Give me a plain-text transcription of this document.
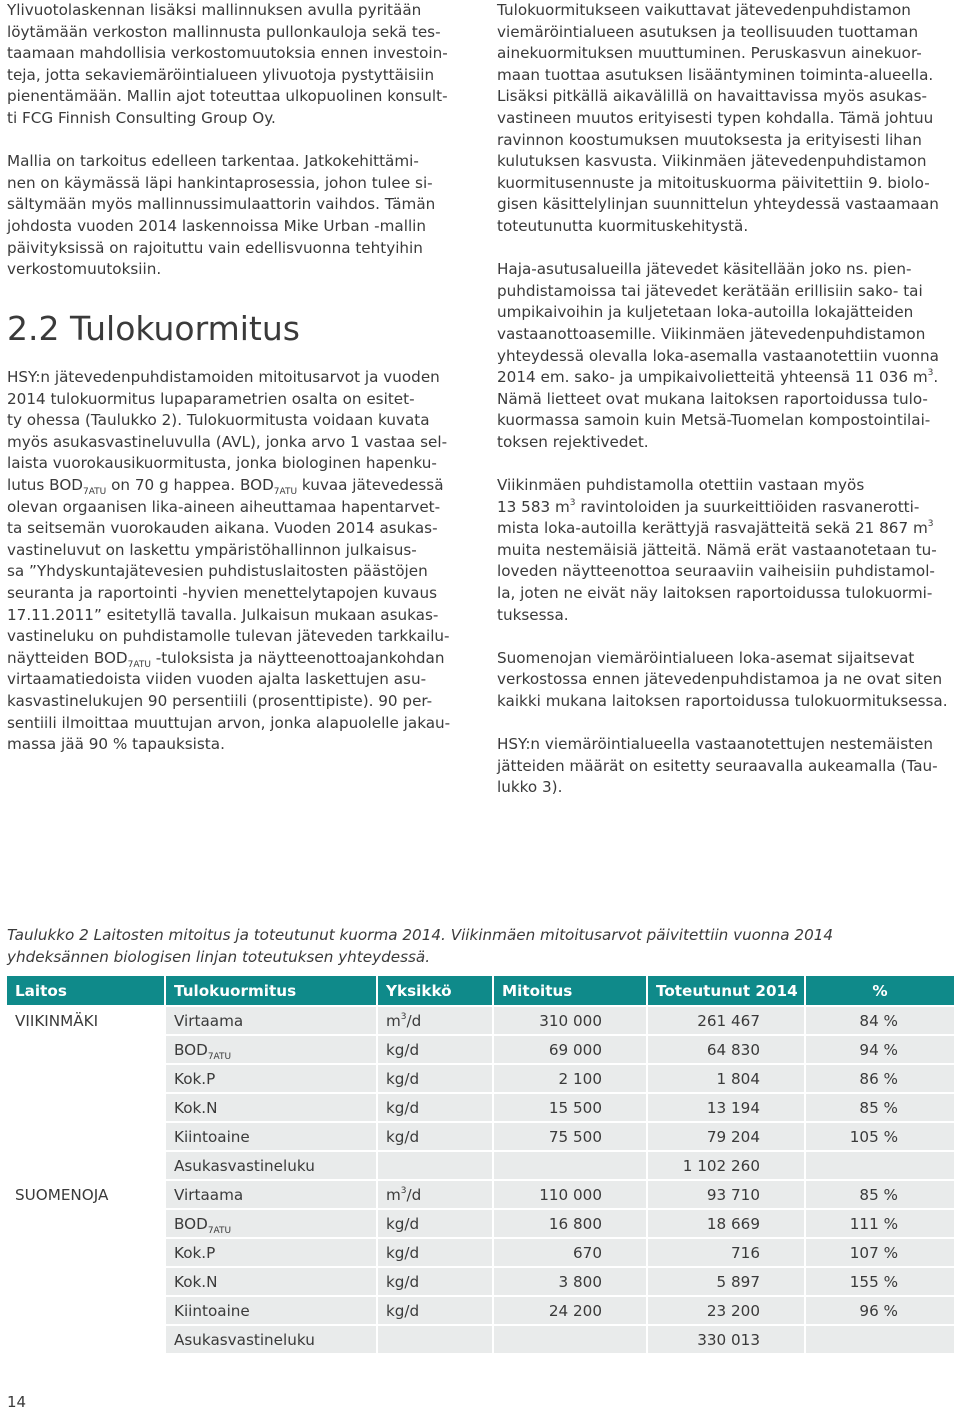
Ylivuotolaskennan lisäksi mallinnuksen avulla pyritään
löytämään verkoston mallinnusta pullonkauloja sekä tes-
taamaan mahdollisia verkostomuutoksia ennen investoin-
teja, jotta sekaviemäröintialueen ylivuotoja pystyttäisiin
pienentämään. Mallin ajot toteuttaa ulkopuolinen konsult-
ti FCG Finnish Consulting Group Oy.
Mallia on tarkoitus edelleen tarkentaa. Jatkokehittämi-
nen on käymässä läpi hankintaprosessia, johon tulee si-
sältymään myös mallinnussimulaattorin vaihdos. Tämän
johdosta vuoden 2014 laskennoissa Mike Urban -mallin
päivityksissä on rajoituttu vain edellisvuonna tehtyihin
verkostomuutoksiin.
2.2 Tulokuormitus
HSY:n jätevedenpuhdistamoiden mitoitusarvot ja vuoden
2014 tulokuormitus lupaparametrien osalta on esitet-
ty ohessa (Taulukko 2). Tulokuormitusta voidaan kuvata
myös asukasvastineluvulla (AVL), jonka arvo 1 vastaa sel-
laista vuorokausikuormitusta, jonka biologinen hapenku-
lutus $BOD_{7ATU}$ on 70 g happea. $BOD_{7ATU}$ kuvaa jätevedessä
olevan orgaanisen lika-aineen aiheuttamaa hapentarvet-
ta seitsemän vuorokauden aikana. Vuoden 2014 asukas-
vastineluvut on laskettu ympäristöhallinnon julkaisus-
sa ”Yhdyskuntajätevesien puhdistuslaitosten päästöjen
seuranta ja raportointi -hyvien menettelytapojen kuvaus
17.11.2011” esitetyllä tavalla. Julkaisun mukaan asukas-
vastineluku on puhdistamolle tulevan jäteveden tarkkailu-
näytteiden $BOD_{7ATU}$ -tuloksista ja näytteenottoajankohdan
virtaamatiedoista viiden vuoden ajalta laskettujen asu-
kasvastinelukujen 90 persentiili (prosenttipiste). 90 per-
sentiili ilmoittaa muuttujan arvon, jonka alapuolelle jakau-
massa jää 90 % tapauksista.
Tulokuormitukseen vaikuttavat jätevedenpuhdistamon
viemäröintialueen asutuksen ja teollisuuden tuottaman
ainekuormituksen muuttuminen. Peruskasvun ainekuor-
maan tuottaa asutuksen lisääntyminen toiminta-alueella.
Lisäksi pitkällä aikavälillä on havaittavissa myös asukas-
vastineen muutos erityisesti typen kohdalla. Tämä johtuu
ravinnon koostumuksen muutoksesta ja erityisesti lihan
kulutuksen kasvusta. Viikinmäen jätevedenpuhdistamon
kuormitusennuste ja mitoituskuorma päivitettiin 9. biolo-
gisen käsittelylinjan suunnittelun yhteydessä vastaamaan
toteutunutta kuormituskehitystä.
Haja-asutusalueilla jätevedet käsitellään joko ns. pien-
puhdistamoissa tai jätevedet kerätään erillisiin sako- tai
umpikaivoihin ja kuljetetaan loka-autoilla lokajätteiden
vastaanottoasemille. Viikinmäen jätevedenpuhdistamon
yhteydessä olevalla loka-asemalla vastaanotettiin vuonna
2014 em. sako- ja umpikaivolietteitä yhteensä 11 036 $m^3$.
Nämä lietteet ovat mukana laitoksen raportoidussa tulo-
kuormassa samoin kuin Metsä-Tuomelan kompostointilai-
toksen rejektivedet.
Viikinmäen puhdistamolla otettiin vastaan myös
13 583 $m^3$ ravintoloiden ja suurkeittiöiden rasvanerotti-
mista loka-autoilla kerättyjä rasvajätteitä sekä 21 867 $m^3$
muita nestemäisiä jätteitä. Nämä erät vastaanotetaan tu-
loveden näytteenottoa seuraaviin vaiheisiin puhdistamol-
la, joten ne eivät näy laitoksen raportoidussa tulokuormi-
tuksessa.
Suomenojan viemäröintialueen loka-asemat sijaitsevat
verkostossa ennen jätevedenpuhdistamoa ja ne ovat siten
kaikki mukana laitoksen raportoidussa tulokuormituksessa.
HSY:n viemäröintialueella vastaanotettujen nestemäisten
jätteiden määrät on esitetty seuraavalla aukeamalla (Tau-
lukko 3).
Taulukko 2 Laitosten mitoitus ja toteutunut kuorma 2014. Viikinmäen mitoitusarvot päivitettiin vuonna 2014
yhdeksännen biologisen linjan toteutuksen yhteydessä.
Laitos	Tulokuormitus	Yksikkö	Mitoitus	Toteutunut 2014	%
VIIKINMÄKI	Virtaama	$m^3/d$	310 000	261 467	84 %
	$BOD_{7ATU}$	kg/d	69 000	64 830	94 %
	Kok.P	kg/d	2 100	1 804	86 %
	Kok.N	kg/d	15 500	13 194	85 %
	Kiintoaine	kg/d	75 500	79 204	105 %
	Asukasvastineluku			1 102 260	
SUOMENOJA	Virtaama	$m^3/d$	110 000	93 710	85 %
	$BOD_{7ATU}$	kg/d	16 800	18 669	111 %
	Kok.P	kg/d	670	716	107 %
	Kok.N	kg/d	3 800	5 897	155 %
	Kiintoaine	kg/d	24 200	23 200	96 %
	Asukasvastineluku			330 013	
14
